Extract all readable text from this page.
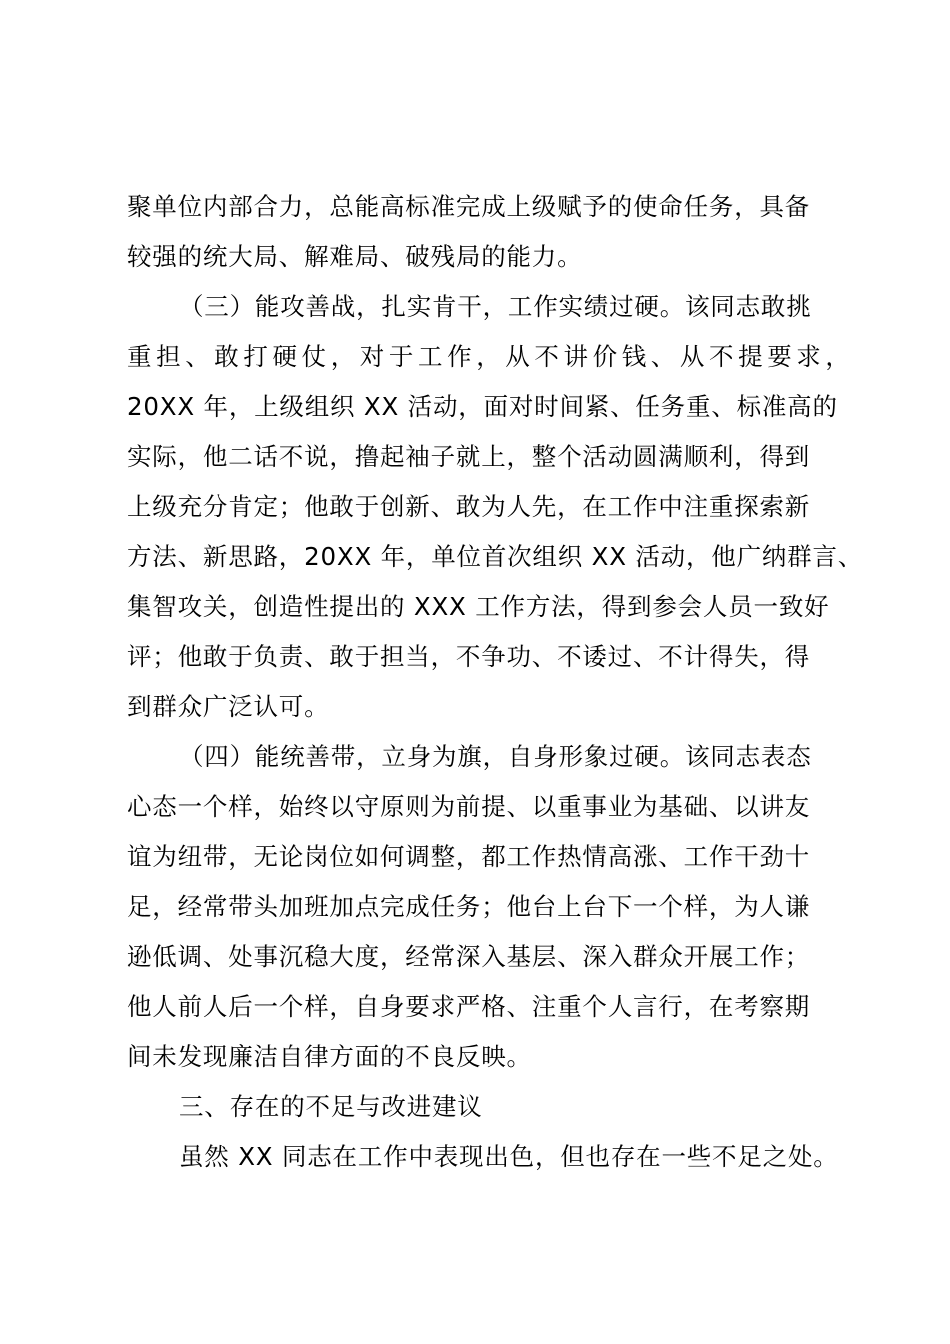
聚单位内部合力，总能高标准完成上级赋予的使命任务，具备
较强的统大局、解难局、破残局的能力。
（三）能攻善战，扎实肯干，工作实绩过硬。该同志敢挑
重担、敢打硬仗，对于工作，从不讲价钱、从不提要求，
20XX 年，上级组织 XX 活动，面对时间紧、任务重、标准高的
实际，他二话不说，撸起袖子就上，整个活动圆满顺利，得到
上级充分肯定；他敢于创新、敢为人先，在工作中注重探索新
方法、新思路，20XX 年，单位首次组织 XX 活动，他广纳群言、
集智攻关，创造性提出的 XXX 工作方法，得到参会人员一致好
评；他敢于负责、敢于担当，不争功、不诿过、不计得失，得
到群众广泛认可。
（四）能统善带，立身为旗，自身形象过硬。该同志表态
心态一个样，始终以守原则为前提、以重事业为基础、以讲友
谊为纽带，无论岗位如何调整，都工作热情高涨、工作干劲十
足，经常带头加班加点完成任务；他台上台下一个样，为人谦
逊低调、处事沉稳大度，经常深入基层、深入群众开展工作；
他人前人后一个样，自身要求严格、注重个人言行，在考察期
间未发现廉洁自律方面的不良反映。
三、存在的不足与改进建议
虽然 XX 同志在工作中表现出色，但也存在一些不足之处。
